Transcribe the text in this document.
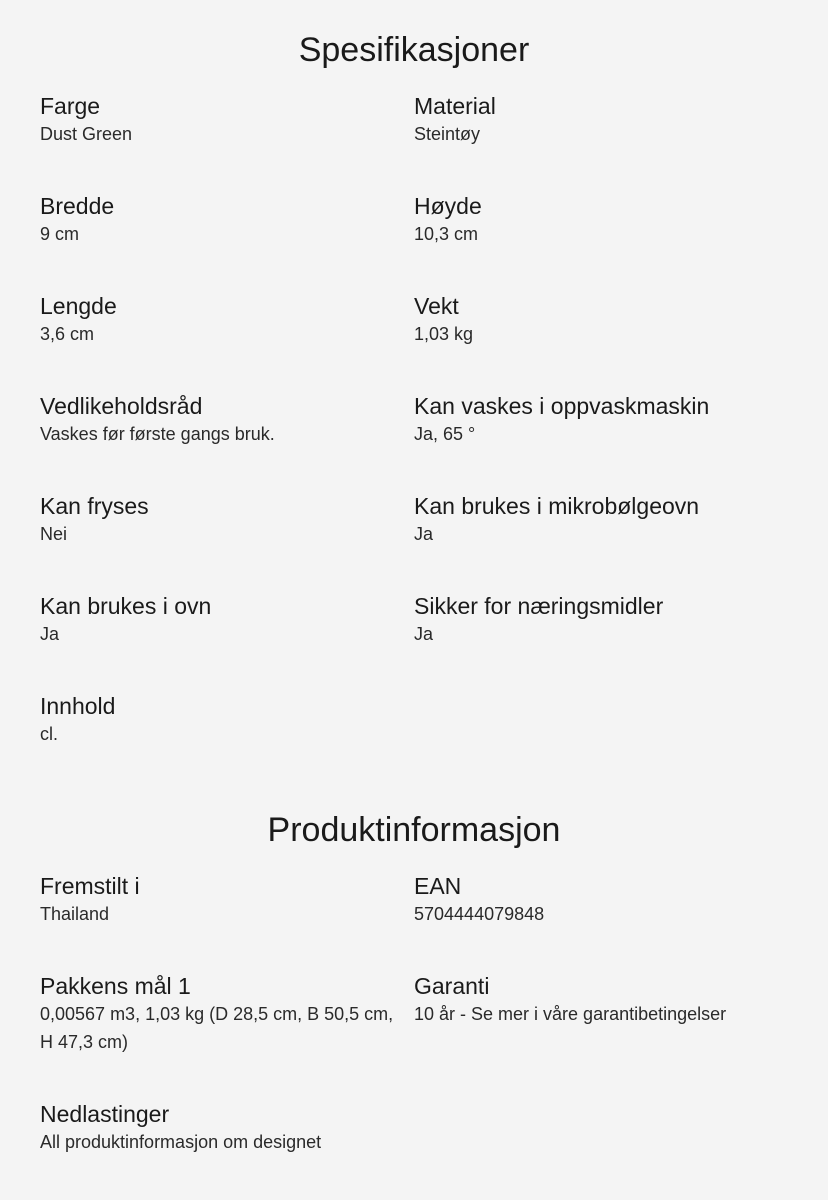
Spesifikasjoner
Farge
Dust Green
Material
Steintøy
Bredde
9 cm
Høyde
10,3 cm
Lengde
3,6 cm
Vekt
1,03 kg
Vedlikeholdsråd
Vaskes før første gangs bruk.
Kan vaskes i oppvaskmaskin
Ja, 65 °
Kan fryses
Nei
Kan brukes i mikrobølgeovn
Ja
Kan brukes i ovn
Ja
Sikker for næringsmidler
Ja
Innhold
cl.
Produktinformasjon
Fremstilt i
Thailand
EAN
5704444079848
Pakkens mål 1
0,00567 m3, 1,03 kg (D 28,5 cm, B 50,5 cm, H 47,3 cm)
Garanti
10 år - Se mer i våre garantibetingelser
Nedlastinger
All produktinformasjon om designet
